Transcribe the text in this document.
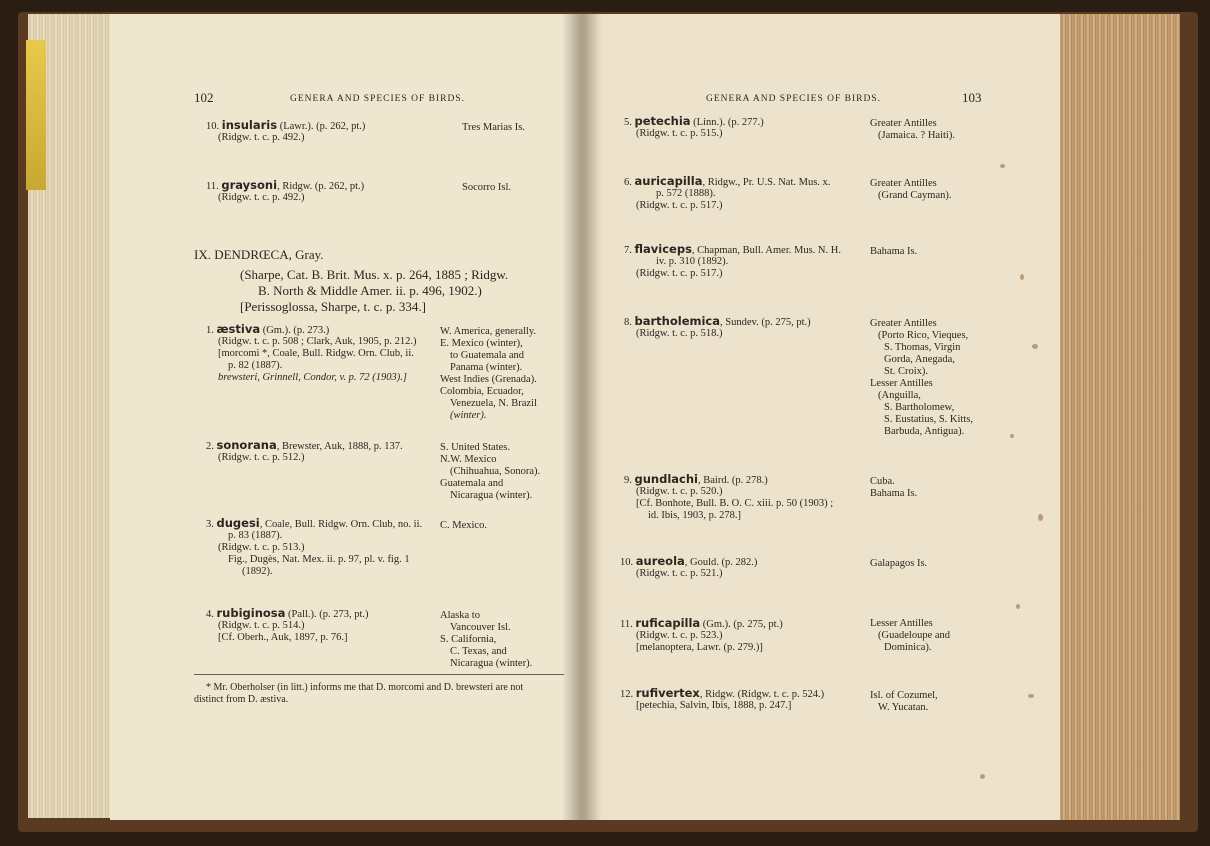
102	GENERA AND SPECIES OF BIRDS.
10. insularis (Lawr.). (p. 262, pt.)
(Ridgw. t. c. p. 492.)
Tres Marias Is.
11. graysoni, Ridgw. (p. 262, pt.)
(Ridgw. t. c. p. 492.)
Socorro Isl.
IX. DENDRŒCA, Gray.
(Sharpe, Cat. B. Brit. Mus. x. p. 264, 1885 ; Ridgw.
B. North & Middle Amer. ii. p. 496, 1902.)
[Perissoglossa, Sharpe, t. c. p. 334.]
1. æstiva (Gm.). (p. 273.)
(Ridgw. t. c. p. 508 ; Clark, Auk, 1905, p. 212.)
[morcomi *, Coale, Bull. Ridgw. Orn. Club, ii.
p. 82 (1887).
brewsteri, Grinnell, Condor, v. p. 72 (1903).]
W. America, generally.
E. Mexico (winter),
to Guatemala and
Panama (winter).
West Indies (Grenada).
Colombia, Ecuador,
Venezuela, N. Brazil
(winter).
2. sonorana, Brewster, Auk, 1888, p. 137.
(Ridgw. t. c. p. 512.)
S. United States.
N.W. Mexico
(Chihuahua, Sonora).
Guatemala and
Nicaragua (winter).
3. dugesi, Coale, Bull. Ridgw. Orn. Club, no. ii.
p. 83 (1887).
(Ridgw. t. c. p. 513.)
Fig., Dugès, Nat. Mex. ii. p. 97, pl. v. fig. 1
(1892).
C. Mexico.
4. rubiginosa (Pall.). (p. 273, pt.)
(Ridgw. t. c. p. 514.)
[Cf. Oberh., Auk, 1897, p. 76.]
Alaska to
Vancouver Isl.
S. California,
C. Texas, and
Nicaragua (winter).
* Mr. Oberholser (in litt.) informs me that D. morcomi and D. brewsteri are not
distinct from D. æstiva.
GENERA AND SPECIES OF BIRDS.	103
5. petechia (Linn.). (p. 277.)
(Ridgw. t. c. p. 515.)
Greater Antilles
(Jamaica. ? Haiti).
6. auricapilla, Ridgw., Pr. U.S. Nat. Mus. x.
p. 572 (1888).
(Ridgw. t. c. p. 517.)
Greater Antilles
(Grand Cayman).
7. flaviceps, Chapman, Bull. Amer. Mus. N. H.
iv. p. 310 (1892).
(Ridgw. t. c. p. 517.)
Bahama Is.
8. bartholemica, Sundev. (p. 275, pt.)
(Ridgw. t. c. p. 518.)
Greater Antilles
(Porto Rico, Vieques,
S. Thomas, Virgin
Gorda, Anegada,
St. Croix).
Lesser Antilles
(Anguilla,
S. Bartholomew,
S. Eustatius, S. Kitts,
Barbuda, Antigua).
9. gundlachi, Baird. (p. 278.)
(Ridgw. t. c. p. 520.)
[Cf. Bonhote, Bull. B. O. C. xiii. p. 50 (1903) ;
id. Ibis, 1903, p. 278.]
Cuba.
Bahama Is.
10. aureola, Gould. (p. 282.)
(Ridgw. t. c. p. 521.)
Galapagos Is.
11. ruficapilla (Gm.). (p. 275, pt.)
(Ridgw. t. c. p. 523.)
[melanoptera, Lawr. (p. 279.)]
Lesser Antilles
(Guadeloupe and
Dominica).
12. rufivertex, Ridgw. (Ridgw. t. c. p. 524.)
[petechia, Salvin, Ibis, 1888, p. 247.]
Isl. of Cozumel,
W. Yucatan.
